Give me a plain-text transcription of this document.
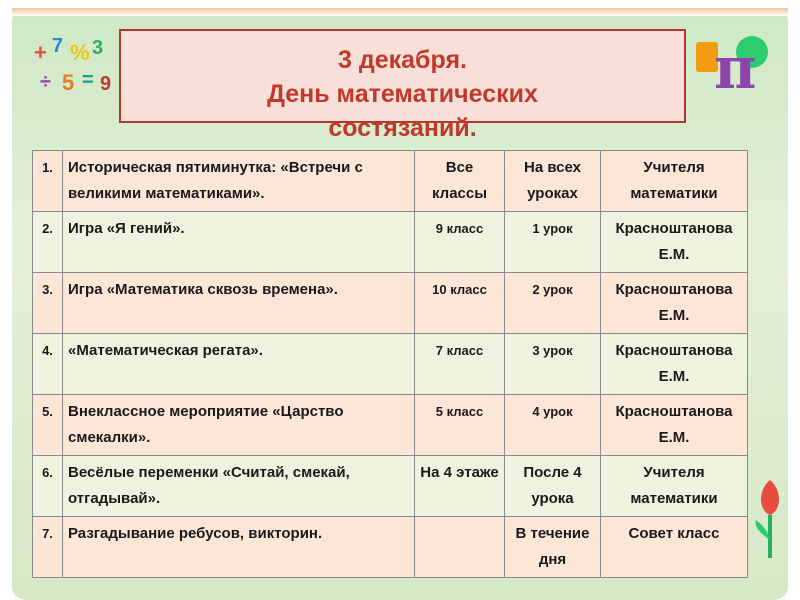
+ 7 % 3
÷ 5 = 9	π
3 декабря.
День математических

состязаний.
1.	Историческая пятиминутка: «Встречи с великими математиками».	Все классы	На всех уроках	Учителя математики
2.	Игра «Я гений».	9 класс	1 урок	Красноштанова Е.М.
3.	Игра «Математика сквозь времена».	10 класс	2 урок	Красноштанова Е.М.
4.	«Математическая регата».	7 класс	3 урок	Красноштанова Е.М.
5.	Внеклассное мероприятие «Царство смекалки».	5 класс	4 урок	Красноштанова Е.М.
6.	Весёлые переменки «Считай, смекай, отгадывай».	На 4 этаже	После 4 урока	Учителя математики
7.	Разгадывание ребусов, викторин.		В течение дня	Совет класс
